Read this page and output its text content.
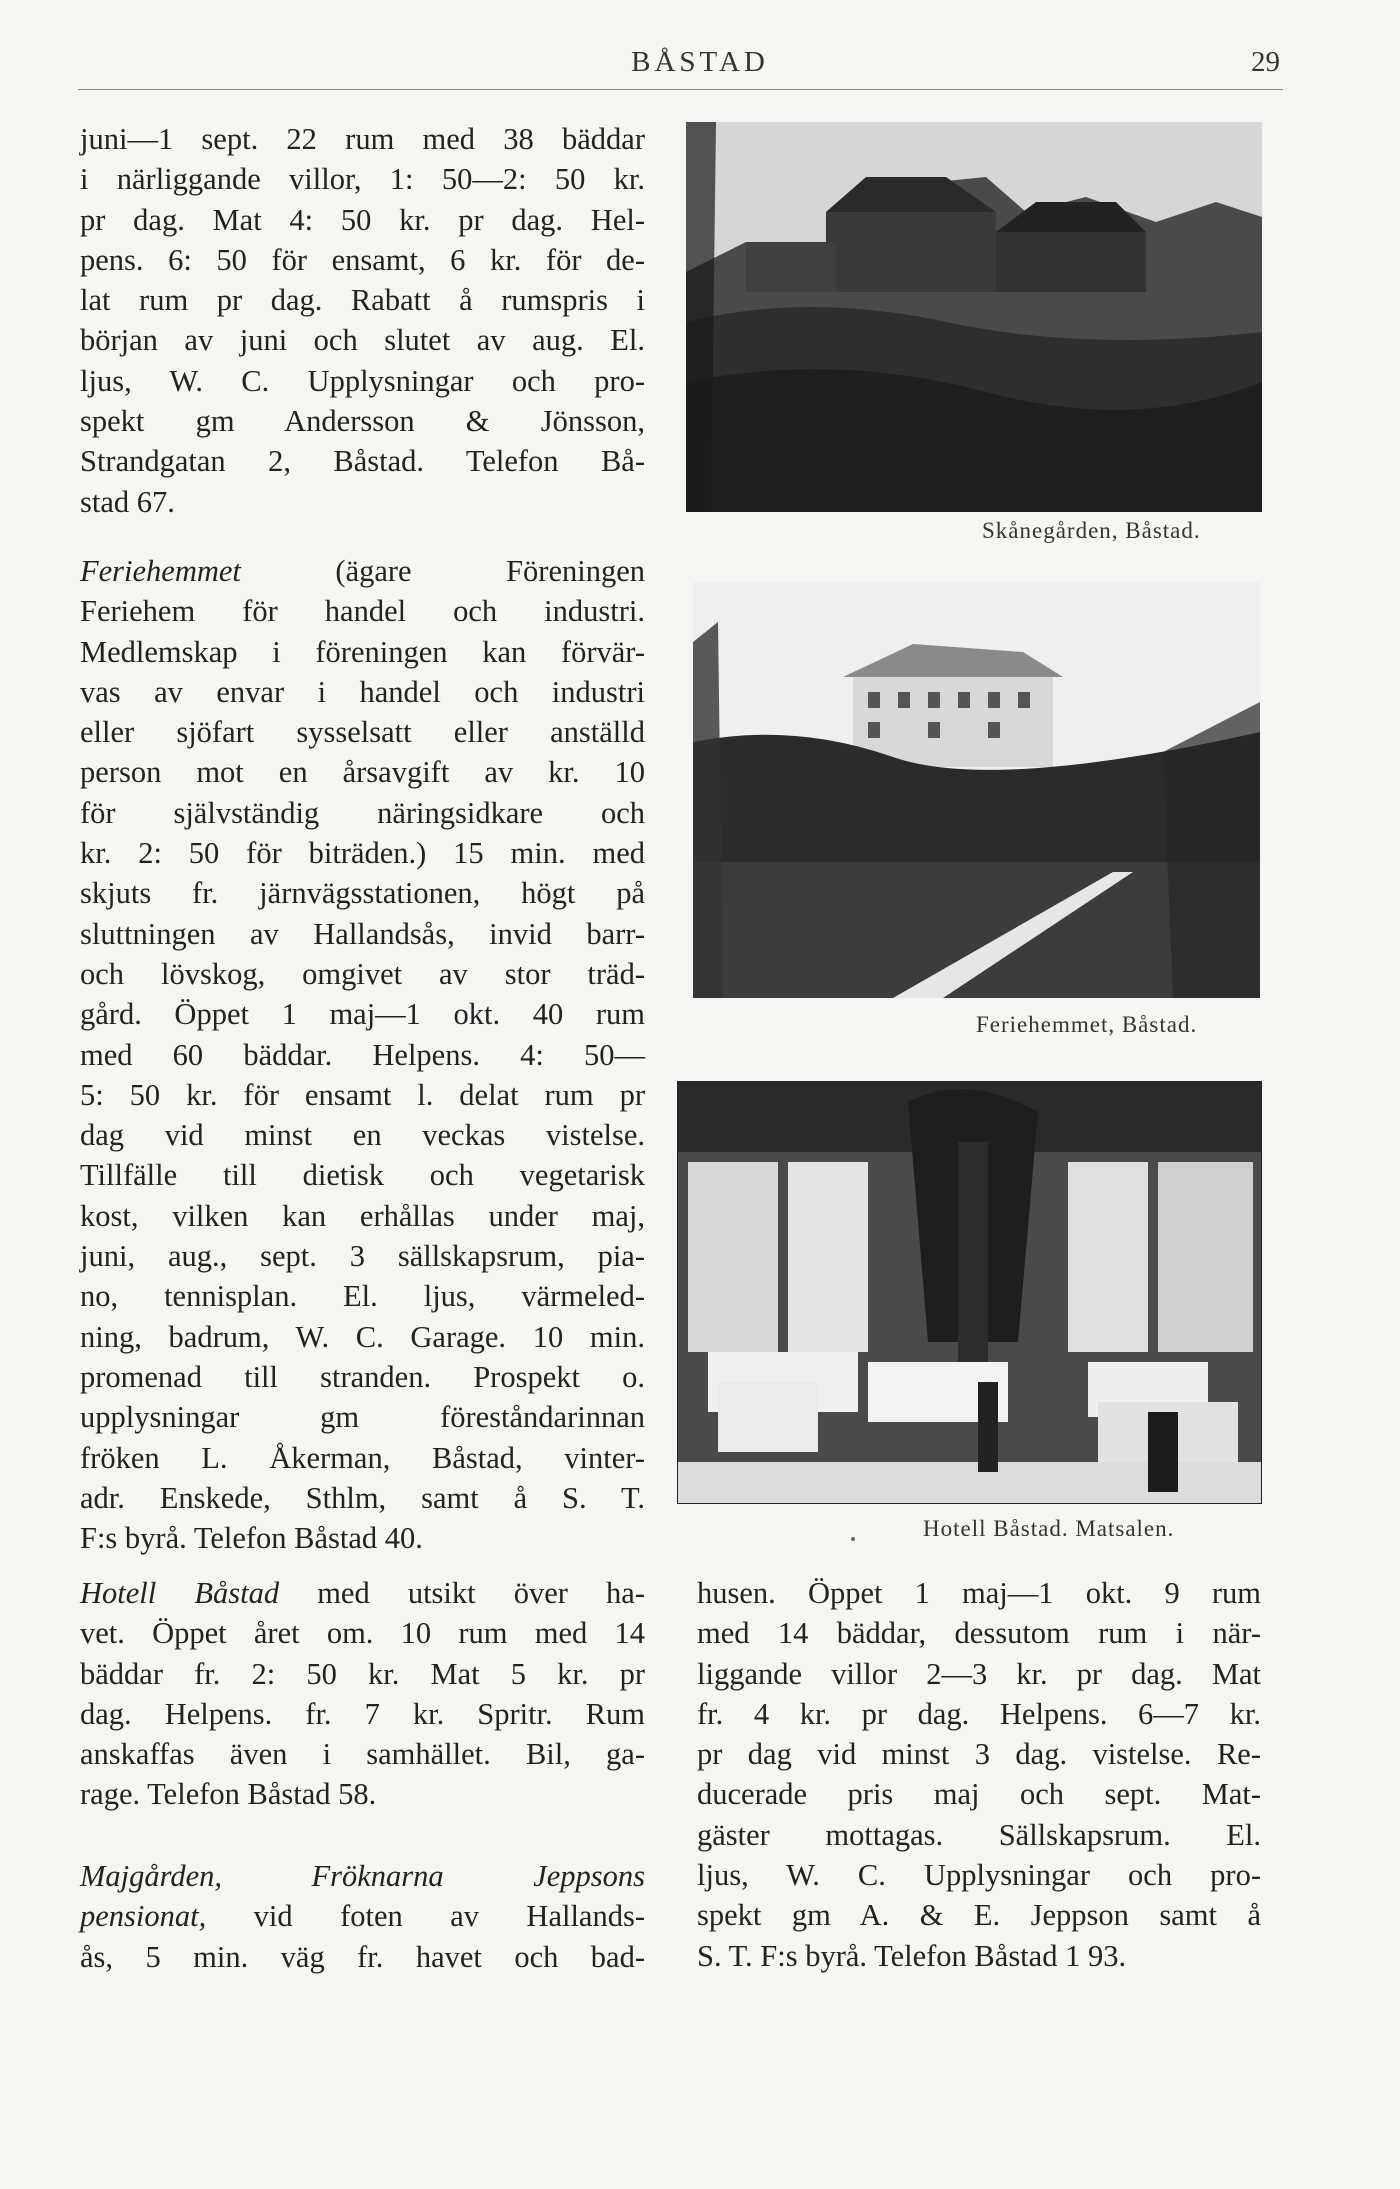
BÅSTAD	29
juni—1 sept. 22 rum med 38 bäddar
i närliggande villor, 1: 50—2: 50 kr.
pr dag. Mat 4: 50 kr. pr dag. Hel-
pens. 6: 50 för ensamt, 6 kr. för de-
lat rum pr dag. Rabatt å rumspris i
början av juni och slutet av aug. El.
ljus, W. C. Upplysningar och pro-
spekt gm Andersson & Jönsson,
Strandgatan 2, Båstad. Telefon Bå-
stad 67.
Feriehemmet	(ägare Föreningen
Feriehem för handel och industri.
Medlemskap i föreningen kan förvär-
vas av envar i handel och industri
eller sjöfart sysselsatt eller anställd
person mot en årsavgift av kr. 10
för självständig näringsidkare och
kr. 2: 50 för biträden.) 15 min. med
skjuts fr. järnvägsstationen, högt på
sluttningen av Hallandsås, invid barr-
och lövskog, omgivet av stor träd-
gård. Öppet 1 maj—1 okt. 40 rum
med 60 bäddar. Helpens. 4: 50—
5: 50 kr. för ensamt l. delat rum pr
dag vid minst en veckas vistelse.
Tillfälle till dietisk och vegetarisk
kost, vilken kan erhållas under maj,
juni, aug., sept. 3 sällskapsrum, pia-
no, tennisplan. El. ljus, värmeled-
ning, badrum, W. C. Garage. 10 min.
promenad till stranden. Prospekt o.
upplysningar gm föreståndarinnan
fröken L. Åkerman, Båstad, vinter-
adr. Enskede, Sthlm, samt å S. T.
F:s byrå. Telefon Båstad 40.
Hotell Båstad med utsikt över ha-
vet. Öppet året om. 10 rum med 14
bäddar fr. 2: 50 kr. Mat 5 kr. pr
dag. Helpens. fr. 7 kr. Spritr. Rum
anskaffas även i samhället. Bil, ga-
rage. Telefon Båstad 58.
Majgården, Fröknarna Jeppsons
pensionat, vid foten av Hallands-
ås, 5 min. väg fr. havet och bad-
husen. Öppet 1 maj—1 okt. 9 rum
med 14 bäddar, dessutom rum i när-
liggande villor 2—3 kr. pr dag. Mat
fr. 4 kr. pr dag. Helpens. 6—7 kr.
pr dag vid minst 3 dag. vistelse. Re-
ducerade pris maj och sept. Mat-
gäster mottagas. Sällskapsrum. El.
ljus, W. C. Upplysningar och pro-
spekt gm A. & E. Jeppson samt å
S. T. F:s byrå. Telefon Båstad 1 93.
Skånegården, Båstad.
Feriehemmet, Båstad.
Hotell Båstad. Matsalen.
